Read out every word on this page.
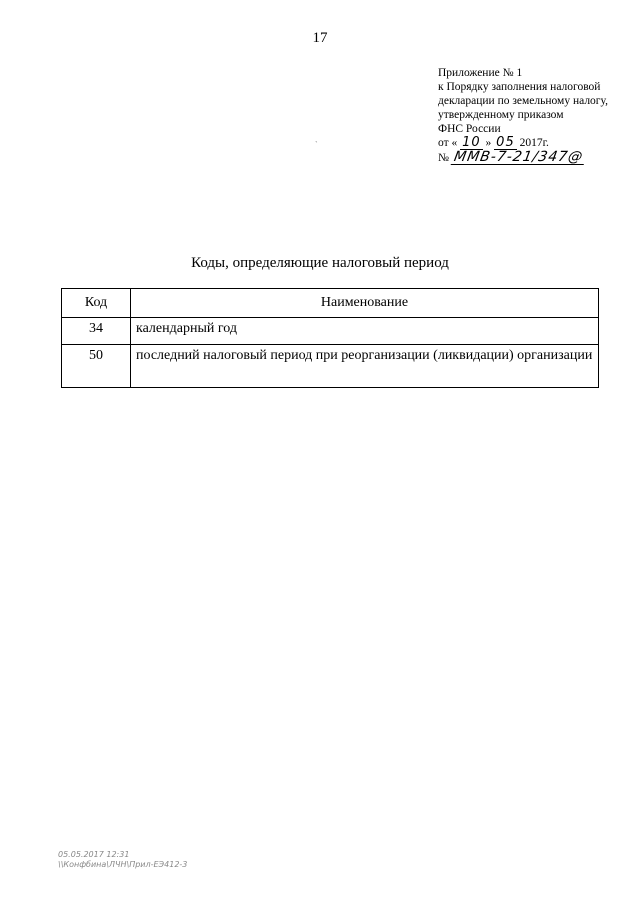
17
Приложение № 1
к Порядку заполнения налоговой
декларации по земельному налогу,
утвержденному приказом
ФНС России
от « 10 » 05 2017г.
№ ММВ-7-21/347@
ˋ
Коды, определяющие налоговый период
Код	Наименование
34	календарный год
50	последний налоговый период при реорганизации (ликвидации) организации
05.05.2017 12:31
\\Конфбина\ЛЧН\Прил-ЕЭ412-3
